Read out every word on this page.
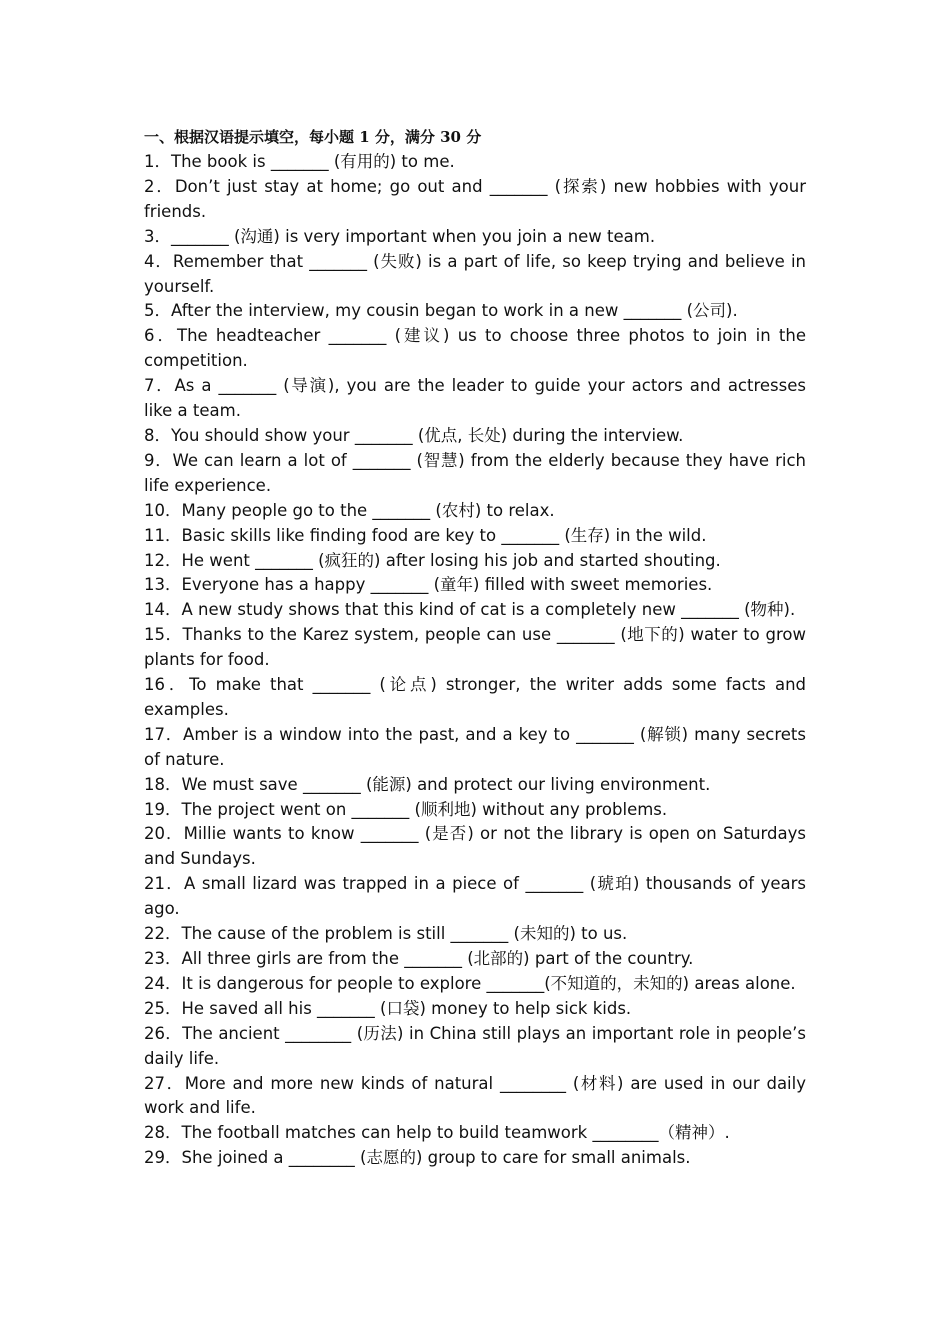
一、根据汉语提示填空，每小题 1 分，满分 30 分
1．The book is _______ (有用的) to me.
2．Don’t just stay at home; go out and _______ (探索) new hobbies with your friends.
3．_______ (沟通) is very important when you join a new team.
4．Remember that _______ (失败) is a part of life, so keep trying and believe in yourself.
5．After the interview, my cousin began to work in a new _______ (公司).
6．The headteacher _______ (建议) us to choose three photos to join in the competition.
7．As a _______ (导演), you are the leader to guide your actors and actresses like a team.
8．You should show your _______ (优点, 长处) during the interview.
9．We can learn a lot of _______ (智慧) from the elderly because they have rich life experience.
10．Many people go to the _______ (农村) to relax.
11．Basic skills like finding food are key to _______ (生存) in the wild.
12．He went _______ (疯狂的) after losing his job and started shouting.
13．Everyone has a happy _______ (童年) filled with sweet memories.
14．A new study shows that this kind of cat is a completely new _______ (物种).
15．Thanks to the Karez system, people can use _______ (地下的) water to grow plants for food.
16．To make that _______ (论点) stronger, the writer adds some facts and examples.
17．Amber is a window into the past, and a key to _______ (解锁) many secrets of nature.
18．We must save _______ (能源) and protect our living environment.
19．The project went on _______ (顺利地) without any problems.
20．Millie wants to know _______ (是否) or not the library is open on Saturdays and Sundays.
21．A small lizard was trapped in a piece of _______ (琥珀) thousands of years ago.
22．The cause of the problem is still _______ (未知的) to us.
23．All three girls are from the _______ (北部的) part of the country.
24．It is dangerous for people to explore _______(不知道的，未知的) areas alone.
25．He saved all his _______ (口袋) money to help sick kids.
26．The ancient ________ (历法) in China still plays an important role in people’s daily life.
27．More and more new kinds of natural ________ (材料) are used in our daily work and life.
28．The football matches can help to build teamwork ________（精神）.
29．She joined a ________ (志愿的) group to care for small animals.
